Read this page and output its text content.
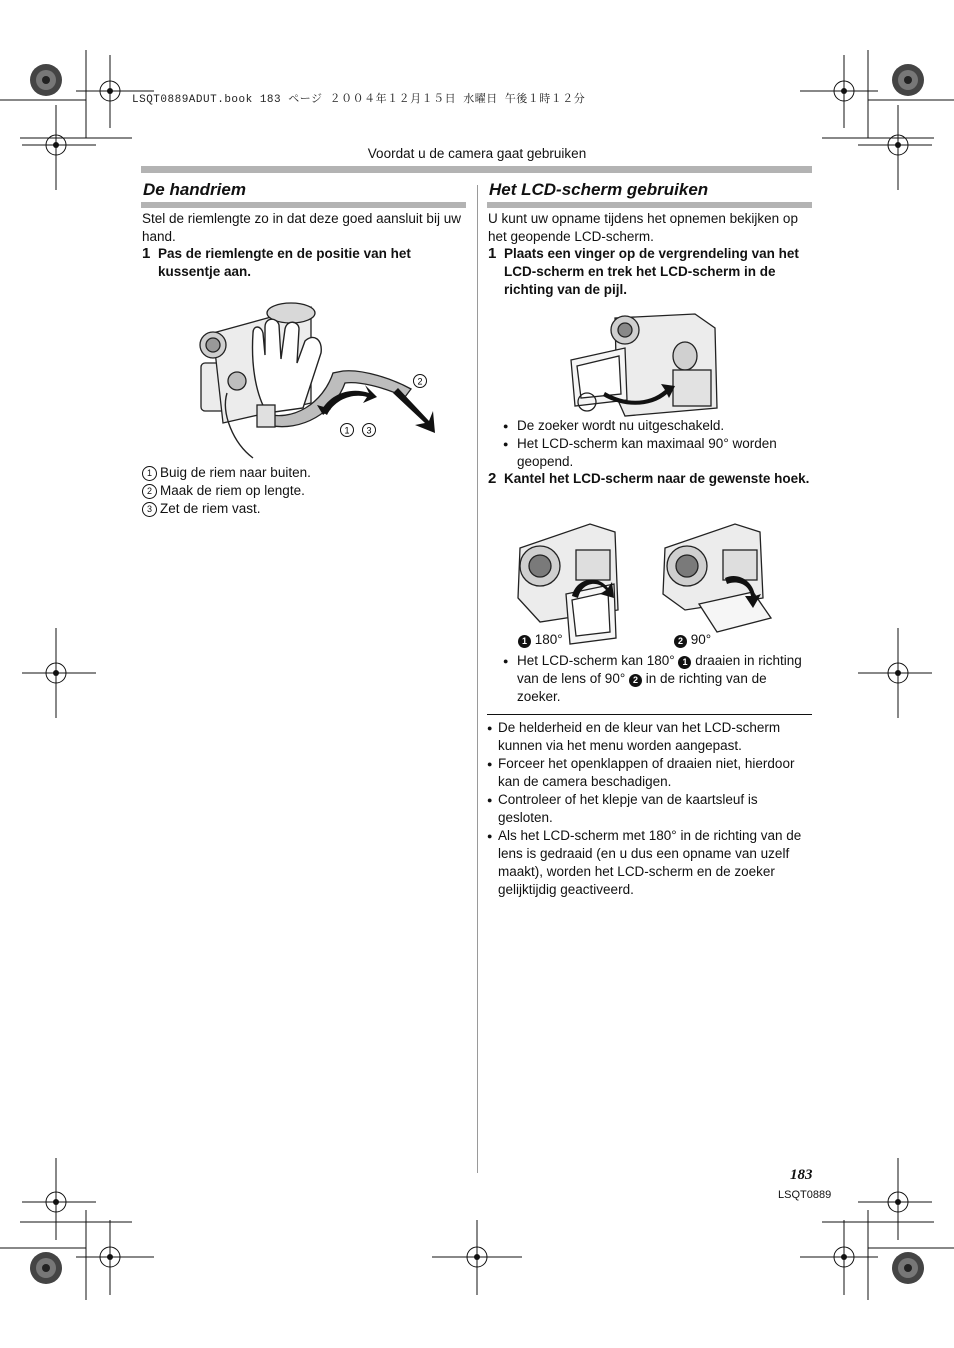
LSQT0889ADUT.book 183 ページ ２００４年１２月１５日 水曜日 午後１時１２分
Voordat u de camera gaat gebruiken
De handriem
Stel de riemlengte zo in dat deze goed aansluit bij uw hand.
1 Pas de riemlengte en de positie van het kussentje aan.
2
1 3
1 Buig de riem naar buiten.
2 Maak de riem op lengte.
3 Zet de riem vast.
Het LCD-scherm gebruiken
U kunt uw opname tijdens het opnemen bekijken op het geopende LCD-scherm.
1 Plaats een vinger op de vergrendeling van het LCD-scherm en trek het LCD-scherm in de richting van de pijl.
● De zoeker wordt nu uitgeschakeld.
● Het LCD-scherm kan maximaal 90° worden geopend.
2 Kantel het LCD-scherm naar de gewenste hoek.
1 180°	2 90°
● Het LCD-scherm kan 180° 1 draaien in richting van de lens of 90° 2 in de richting van de zoeker.
● De helderheid en de kleur van het LCD-scherm kunnen via het menu worden aangepast.
● Forceer het openklappen of draaien niet, hierdoor kan de camera beschadigen.
● Controleer of het klepje van de kaartsleuf is gesloten.
● Als het LCD-scherm met 180° in de richting van de lens is gedraaid (en u dus een opname van uzelf maakt), worden het LCD-scherm en de zoeker gelijktijdig geactiveerd.
183
LSQT0889
